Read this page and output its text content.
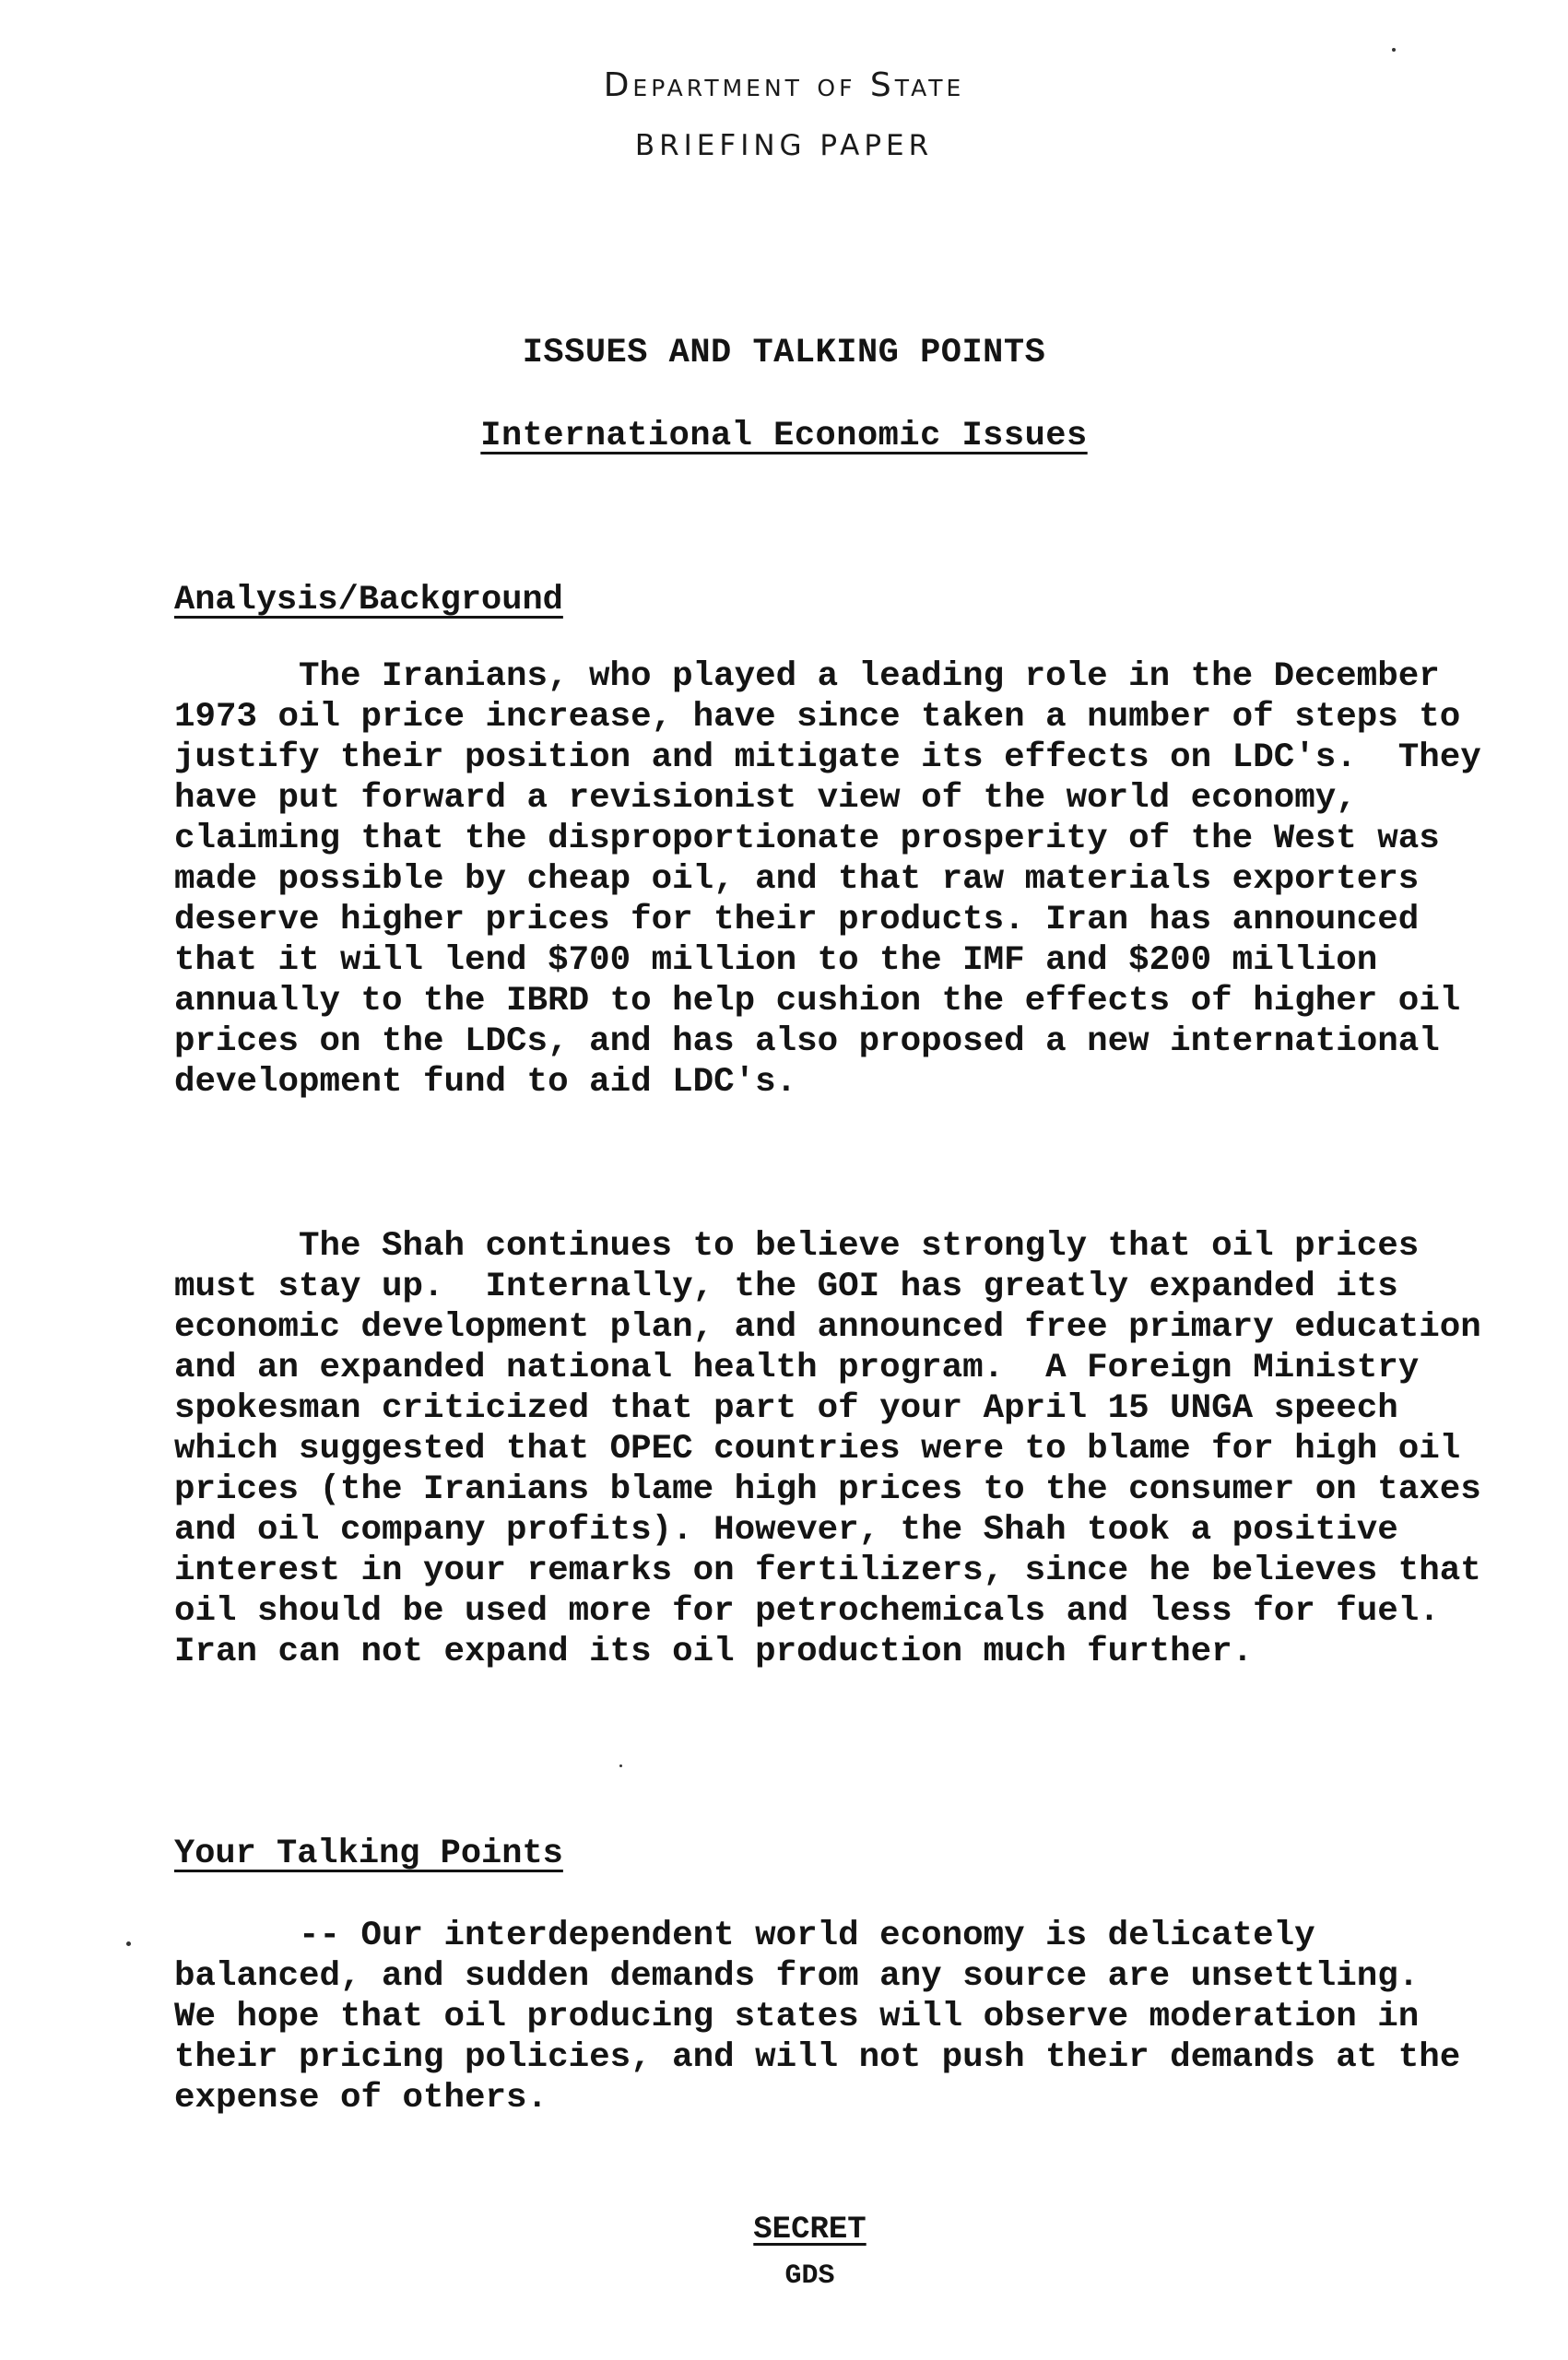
Department of State
BRIEFING PAPER
ISSUES AND TALKING POINTS
International Economic Issues
Analysis/Background

The Iranians, who played a leading role in the December 1973 oil price increase, have since taken a number of steps to justify their position and mitigate its effects on LDC's.  They have put forward a revisionist view of the world economy, claiming that the disproportionate prosperity of the West was made possible by cheap oil, and that raw materials exporters deserve higher prices for their products. Iran has announced that it will lend $700 million to the IMF and $200 million annually to the IBRD to help cushion the effects of higher oil prices on the LDCs, and has also proposed a new international development fund to aid LDC's.

The Shah continues to believe strongly that oil prices must stay up.  Internally, the GOI has greatly expanded its economic development plan, and announced free primary education and an expanded national health program.  A Foreign Ministry spokesman criticized that part of your April 15 UNGA speech which suggested that OPEC countries were to blame for high oil prices (the Iranians blame high prices to the consumer on taxes and oil company profits). However, the Shah took a positive interest in your remarks on fertilizers, since he believes that oil should be used more for petrochemicals and less for fuel.  Iran can not expand its oil production much further.

Your Talking Points

-- Our interdependent world economy is delicately balanced, and sudden demands from any source are unsettling.  We hope that oil producing states will observe moderation in their pricing policies, and will not push their demands at the expense of others.

SECRET
GDS
